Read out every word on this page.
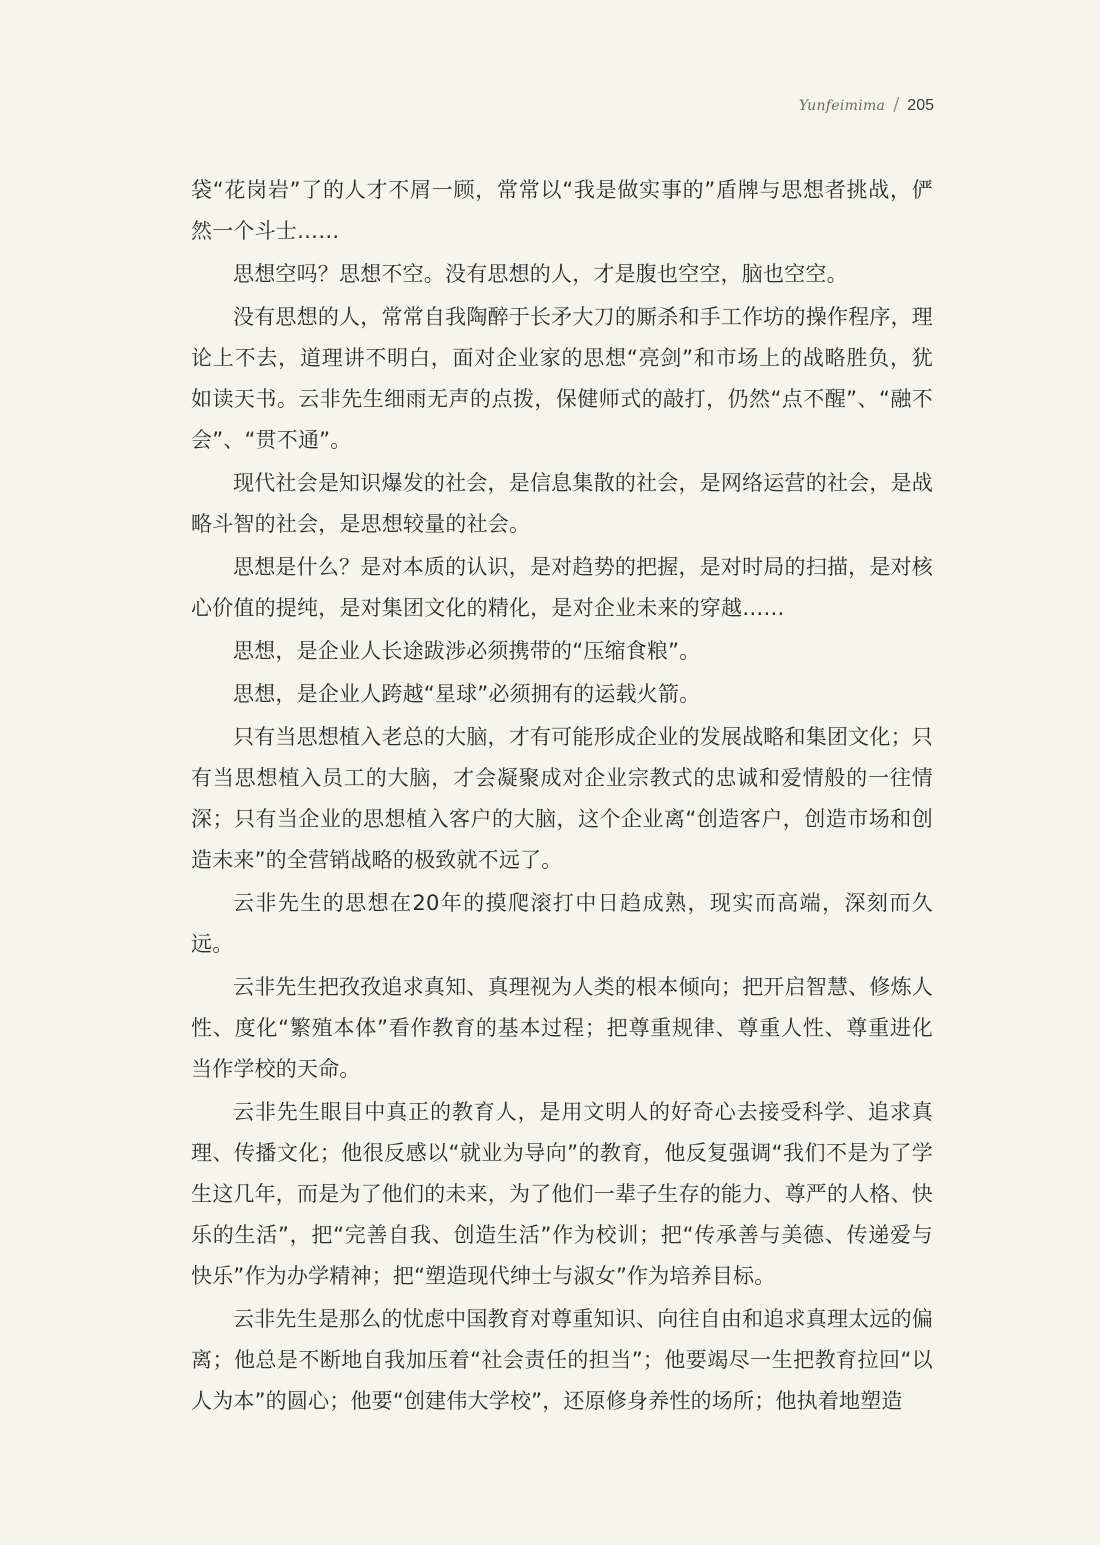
Yunfeimima / 205

袋“花岗岩”了的人才不屑一顾，常常以“我是做实事的”盾牌与思想者挑战，俨然一个斗士……

思想空吗？思想不空。没有思想的人，才是腹也空空，脑也空空。

没有思想的人，常常自我陶醉于长矛大刀的厮杀和手工作坊的操作程序，理论上不去，道理讲不明白，面对企业家的思想“亮剑”和市场上的战略胜负，犹如读天书。云非先生细雨无声的点拨，保健师式的敲打，仍然“点不醒”、“融不会”、“贯不通”。

现代社会是知识爆发的社会，是信息集散的社会，是网络运营的社会，是战略斗智的社会，是思想较量的社会。

思想是什么？是对本质的认识，是对趋势的把握，是对时局的扫描，是对核心价值的提纯，是对集团文化的精化，是对企业未来的穿越……

思想，是企业人长途跋涉必须携带的“压缩食粮”。

思想，是企业人跨越“星球”必须拥有的运载火箭。

只有当思想植入老总的大脑，才有可能形成企业的发展战略和集团文化；只有当思想植入员工的大脑，才会凝聚成对企业宗教式的忠诚和爱情般的一往情深；只有当企业的思想植入客户的大脑，这个企业离“创造客户，创造市场和创造未来”的全营销战略的极致就不远了。

云非先生的思想在20年的摸爬滚打中日趋成熟，现实而高端，深刻而久远。

云非先生把孜孜追求真知、真理视为人类的根本倾向；把开启智慧、修炼人性、度化“繁殖本体”看作教育的基本过程；把尊重规律、尊重人性、尊重进化当作学校的天命。

云非先生眼目中真正的教育人，是用文明人的好奇心去接受科学、追求真理、传播文化；他很反感以“就业为导向”的教育，他反复强调“我们不是为了学生这几年，而是为了他们的未来，为了他们一辈子生存的能力、尊严的人格、快乐的生活”，把“完善自我、创造生活”作为校训；把“传承善与美德、传递爱与快乐”作为办学精神；把“塑造现代绅士与淑女”作为培养目标。

云非先生是那么的忧虑中国教育对尊重知识、向往自由和追求真理太远的偏离；他总是不断地自我加压着“社会责任的担当”；他要竭尽一生把教育拉回“以人为本”的圆心；他要“创建伟大学校”，还原修身养性的场所；他执着地塑造
